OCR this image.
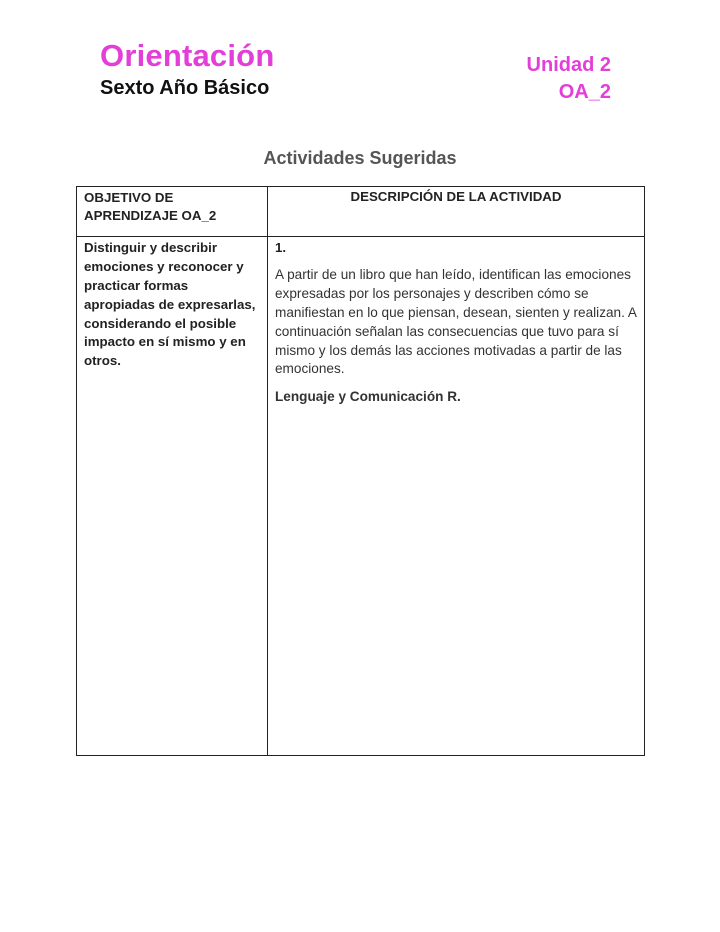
Orientación
Sexto Año Básico
Unidad 2
OA_2
Actividades Sugeridas
OBJETIVO DE APRENDIZAJE OA_2	DESCRIPCIÓN DE LA ACTIVIDAD
Distinguir y describir emociones y reconocer y practicar formas apropiadas de expresarlas, considerando el posible impacto en sí mismo y en otros.	1.

A partir de un libro que han leído, identifican las emociones expresadas por los personajes y describen cómo se manifiestan en lo que piensan, desean, sienten y realizan. A continuación señalan las consecuencias que tuvo para sí mismo y los demás las acciones motivadas a partir de las emociones.

Lenguaje y Comunicación R.
